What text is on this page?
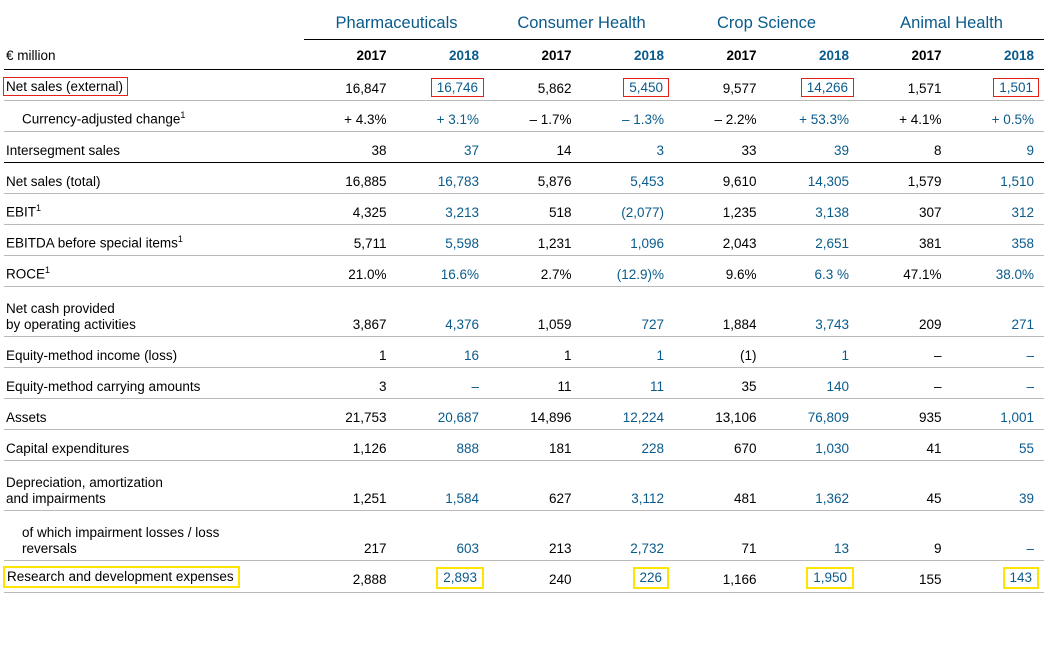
	Pharmaceuticals		Consumer Health		Crop Science		Animal Health	
€ million	2017	2018	2017	2018	2017	2018	2017	2018
Net sales (external)	16,847	16,746	5,862	5,450	9,577	14,266	1,571	1,501
Currency-adjusted change$^1$	+ 4.3%	+ 3.1%	– 1.7%	– 1.3%	– 2.2%	+ 53.3%	+ 4.1%	+ 0.5%
Intersegment sales	38	37	14	3	33	39	8	9
Net sales (total)	16,885	16,783	5,876	5,453	9,610	14,305	1,579	1,510
EBIT$^1$	4,325	3,213	518	(2,077)	1,235	3,138	307	312
EBITDA before special items$^1$	5,711	5,598	1,231	1,096	2,043	2,651	381	358
ROCE$^1$	21.0%	16.6%	2.7%	(12.9)%	9.6%	6.3 %	47.1%	38.0%

Net cash provided
by operating activities	3,867	4,376	1,059	727	1,884	3,743	209	271
Equity-method income (loss)	1	16	1	1	(1)	1	–	–
Equity-method carrying amounts	3	–	11	11	35	140	–	–
Assets	21,753	20,687	14,896	12,224	13,106	76,809	935	1,001
Capital expenditures	1,126	888	181	228	670	1,030	41	55

Depreciation, amortization
and impairments	1,251	1,584	627	3,112	481	1,362	45	39

of which impairment losses / loss
reversals	217	603	213	2,732	71	13	9	–
Research and development expenses	2,888	2,893	240	226	1,166	1,950	155	143
